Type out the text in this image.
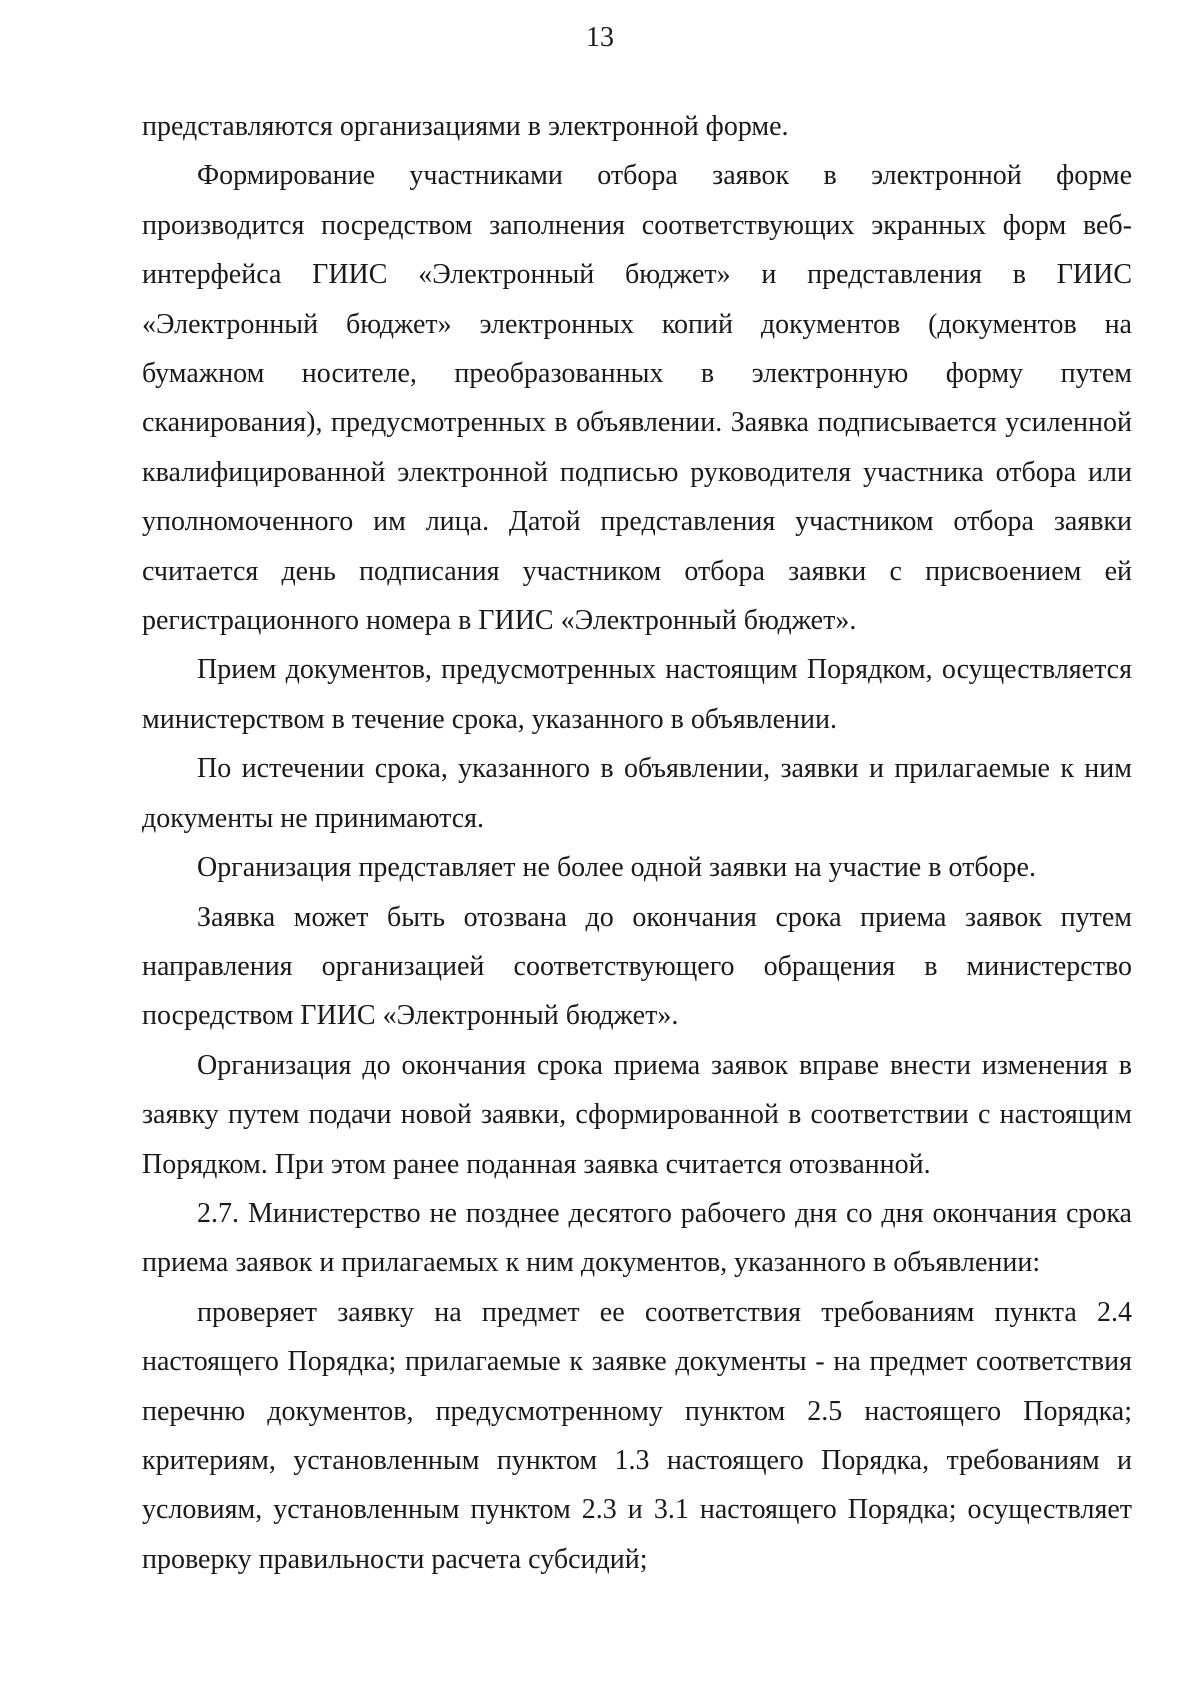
13

представляются организациями в электронной форме.

Формирование участниками отбора заявок в электронной форме производится посредством заполнения соответствующих экранных форм веб-интерфейса ГИИС «Электронный бюджет» и представления в ГИИС «Электронный бюджет» электронных копий документов (документов на бумажном носителе, преобразованных в электронную форму путем сканирования), предусмотренных в объявлении. Заявка подписывается усиленной квалифицированной электронной подписью руководителя участника отбора или уполномоченного им лица. Датой представления участником отбора заявки считается день подписания участником отбора заявки с присвоением ей регистрационного номера в ГИИС «Электронный бюджет».

Прием документов, предусмотренных настоящим Порядком, осуществляется министерством в течение срока, указанного в объявлении.

По истечении срока, указанного в объявлении, заявки и прилагаемые к ним документы не принимаются.

Организация представляет не более одной заявки на участие в отборе.

Заявка может быть отозвана до окончания срока приема заявок путем направления организацией соответствующего обращения в министерство посредством ГИИС «Электронный бюджет».

Организация до окончания срока приема заявок вправе внести изменения в заявку путем подачи новой заявки, сформированной в соответствии с настоящим Порядком. При этом ранее поданная заявка считается отозванной.

2.7. Министерство не позднее десятого рабочего дня со дня окончания срока приема заявок и прилагаемых к ним документов, указанного в объявлении:

проверяет заявку на предмет ее соответствия требованиям пункта 2.4 настоящего Порядка; прилагаемые к заявке документы - на предмет соответствия перечню документов, предусмотренному пунктом 2.5 настоящего Порядка; критериям, установленным пунктом 1.3 настоящего Порядка, требованиям и условиям, установленным пунктом 2.3 и 3.1 настоящего Порядка; осуществляет проверку правильности расчета субсидий;
